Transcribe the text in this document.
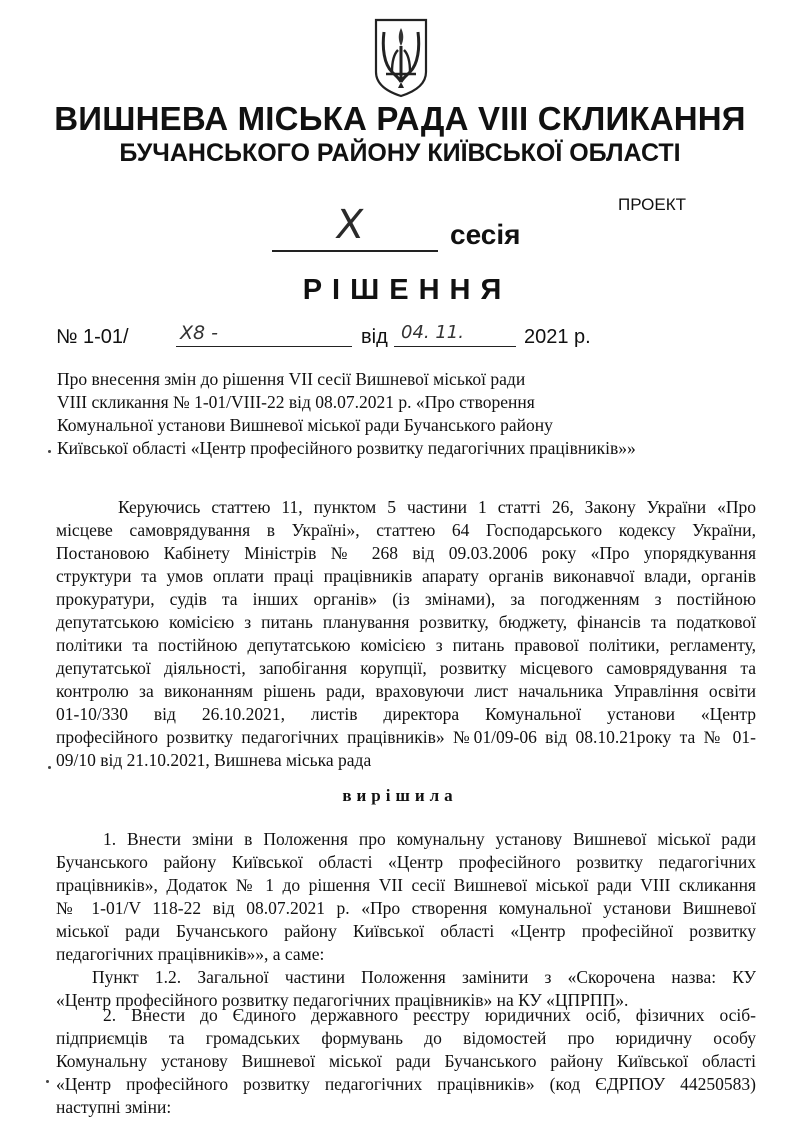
ВИШНЕВА МІСЬКА РАДА VIII СКЛИКАННЯ
БУЧАНСЬКОГО РАЙОНУ КИЇВСЬКОЇ ОБЛАСТІ
ПРОЕКТ
X	сесія
РІШЕННЯ
№ 1-01/	X8 -	від 04. 11.	2021 р.
Про внесення змін до рішення VII сесії Вишневої міської ради
VIII скликання № 1-01/VIII-22 від 08.07.2021 р. «Про створення
Комунальної установи Вишневої міської ради Бучанського району
Київської області «Центр професійного розвитку педагогічних працівників»»
Керуючись статтею 11, пунктом 5 частини 1 статті 26, Закону України «Про
місцеве самоврядування в Україні», статтею 64 Господарського кодексу України,
Постановою Кабінету Міністрів № 268 від 09.03.2006 року «Про упорядкування
структури та умов оплати праці працівників апарату органів виконавчої влади, органів
прокуратури, судів та інших органів» (із змінами), за погодженням з постійною
депутатською комісією з питань планування розвитку, бюджету, фінансів та податкової
політики та постійною депутатською комісією з питань правової політики, регламенту,
депутатської діяльності, запобігання корупції, розвитку місцевого самоврядування та
контролю за виконанням рішень ради, враховуючи лист начальника Управління освіти
01-10/330 від 26.10.2021, листів директора Комунальної установи «Центр
професійного розвитку педагогічних працівників» №01/09-06 від 08.10.21року та № 01-
09/10 від 21.10.2021, Вишнева міська рада
вирішила
1. Внести зміни в Положення про комунальну установу Вишневої міської ради
Бучанського району Київської області «Центр професійного розвитку педагогічних
працівників», Додаток № 1 до рішення VII сесії Вишневої міської ради VIII скликання
№ 1-01/V 118-22 від 08.07.2021 р. «Про створення комунальної установи Вишневої
міської ради Бучанського району Київської області «Центр професійної розвитку
педагогічних працівників»», а саме:
Пункт 1.2. Загальної частини Положення замінити з «Скорочена назва: КУ
«Центр професійного розвитку педагогічних працівників» на КУ «ЦПРПП».
2. Внести до Єдиного державного реєстру юридичних осіб, фізичних осіб-
підприємців та громадських формувань до відомостей про юридичну особу
Комунальну установу Вишневої міської ради Бучанського району Київської області
«Центр професійного розвитку педагогічних працівників» (код ЄДРПОУ 44250583)
наступні зміни:
